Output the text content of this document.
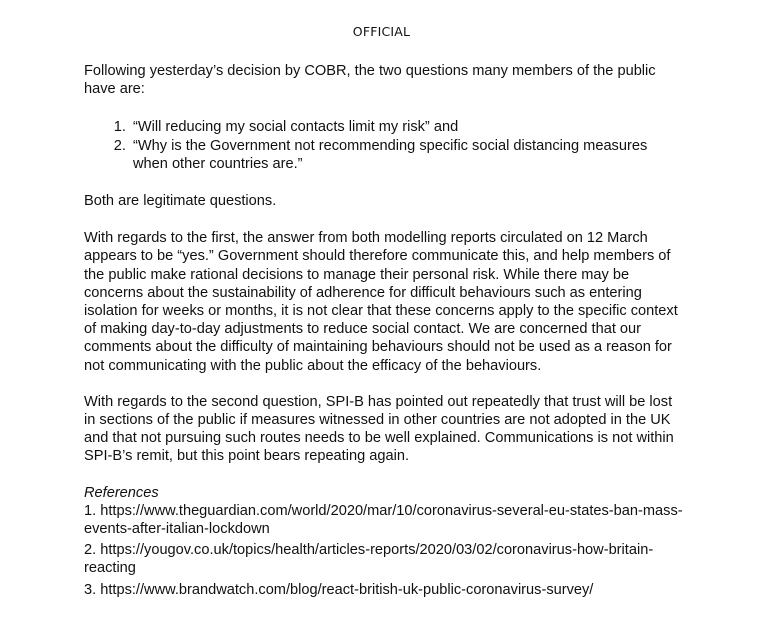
OFFICIAL

Following yesterday’s decision by COBR, the two questions many members of the public have are:

1. “Will reducing my social contacts limit my risk” and
2. “Why is the Government not recommending specific social distancing measures when other countries are.”

Both are legitimate questions.

With regards to the first, the answer from both modelling reports circulated on 12 March appears to be “yes.” Government should therefore communicate this, and help members of the public make rational decisions to manage their personal risk. While there may be concerns about the sustainability of adherence for difficult behaviours such as entering isolation for weeks or months, it is not clear that these concerns apply to the specific context of making day-to-day adjustments to reduce social contact. We are concerned that our comments about the difficulty of maintaining behaviours should not be used as a reason for not communicating with the public about the efficacy of the behaviours.

With regards to the second question, SPI-B has pointed out repeatedly that trust will be lost in sections of the public if measures witnessed in other countries are not adopted in the UK and that not pursuing such routes needs to be well explained. Communications is not within SPI-B’s remit, but this point bears repeating again.

References

1. https://www.theguardian.com/world/2020/mar/10/coronavirus-several-eu-states-ban-mass-events-after-italian-lockdown

2. https://yougov.co.uk/topics/health/articles-reports/2020/03/02/coronavirus-how-britain-reacting

3. https://www.brandwatch.com/blog/react-british-uk-public-coronavirus-survey/
